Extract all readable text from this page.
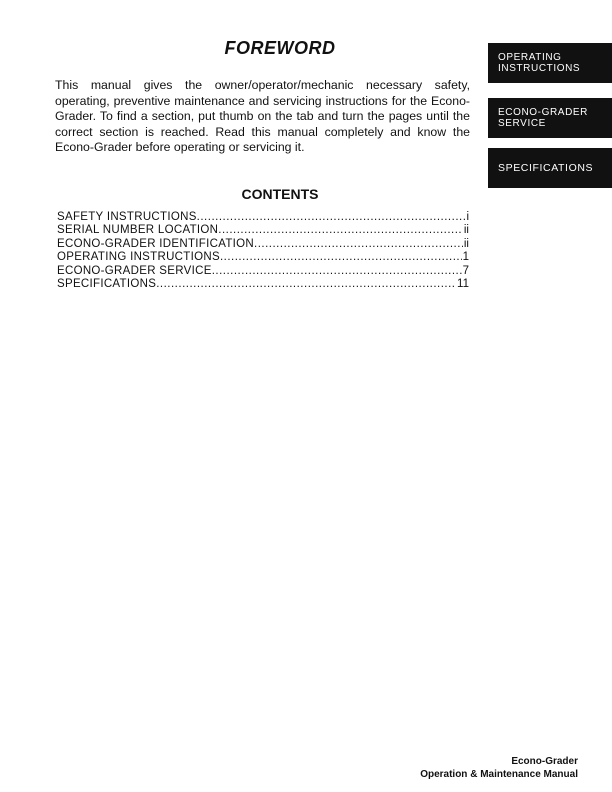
FOREWORD
This manual gives the owner/operator/mechanic necessary safety, operating, preventive maintenance and servicing instructions for the Econo-Grader. To find a section, put thumb on the tab and turn the pages until the correct section is reached. Read this manual completely and know the Econo-Grader before operating or servicing it.
CONTENTS
SAFETY INSTRUCTIONS .....	i
SERIAL NUMBER LOCATION .....	ii
ECONO-GRADER IDENTIFICATION .....	ii
OPERATING INSTRUCTIONS .....	1
ECONO-GRADER SERVICE .....	7
SPECIFICATIONS .....	11
OPERATING
INSTRUCTIONS
ECONO-GRADER
SERVICE
SPECIFICATIONS
Econo-Grader
Operation & Maintenance Manual
